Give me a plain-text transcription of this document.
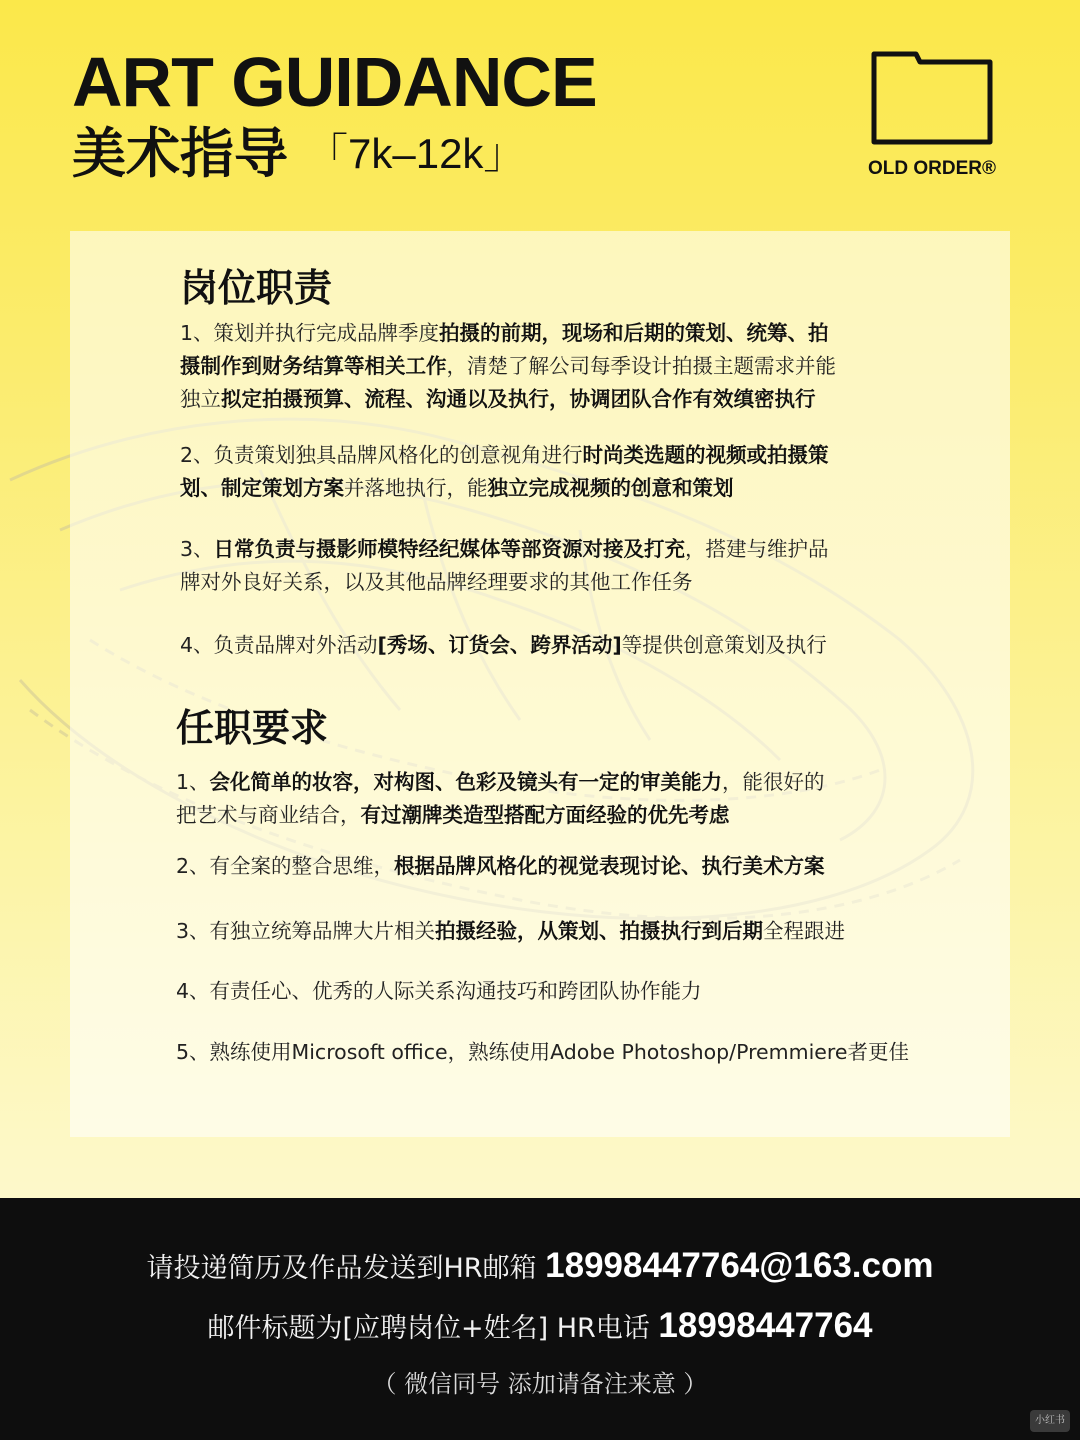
ART GUIDANCE
美术指导 「7k–12k」	OLD ORDER®
岗位职责

1、策划并执行完成品牌季度拍摄的前期，现场和后期的策划、统筹、拍
摄制作到财务结算等相关工作，清楚了解公司每季设计拍摄主题需求并能
独立拟定拍摄预算、流程、沟通以及执行，协调团队合作有效缜密执行

2、负责策划独具品牌风格化的创意视角进行时尚类选题的视频或拍摄策
划、制定策划方案并落地执行，能独立完成视频的创意和策划

3、日常负责与摄影师模特经纪媒体等部资源对接及打充，搭建与维护品
牌对外良好关系，以及其他品牌经理要求的其他工作任务

4、负责品牌对外活动[秀场、订货会、跨界活动]等提供创意策划及执行

任职要求

1、会化简单的妆容，对构图、色彩及镜头有一定的审美能力，能很好的
把艺术与商业结合，有过潮牌类造型搭配方面经验的优先考虑

2、有全案的整合思维，根据品牌风格化的视觉表现讨论、执行美术方案

3、有独立统筹品牌大片相关拍摄经验，从策划、拍摄执行到后期全程跟进

4、有责任心、优秀的人际关系沟通技巧和跨团队协作能力

5、熟练使用Microsoft office，熟练使用Adobe Photoshop/Premmiere者更佳

请投递简历及作品发送到HR邮箱 18998447764@163.com
邮件标题为[应聘岗位+姓名] HR电话 18998447764
（ 微信同号 添加请备注来意 ）
小红书
